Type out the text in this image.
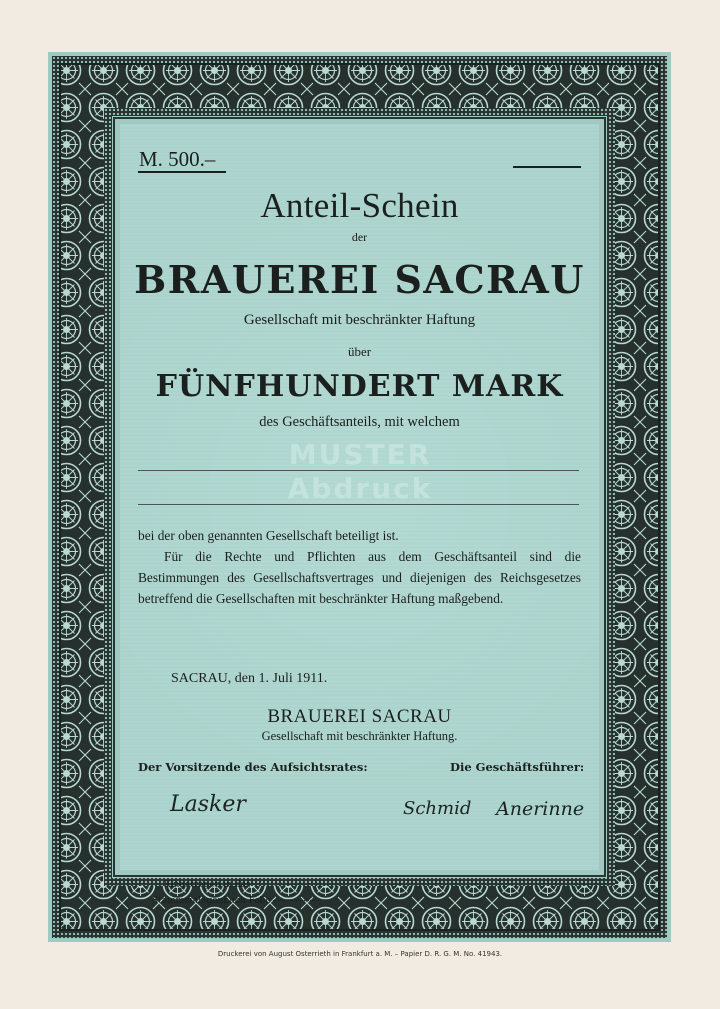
M. 500.–
Anteil-Schein
der
BRAUEREI SACRAU
Gesellschaft mit beschränkter Haftung
über
FÜNFHUNDERT MARK
des Geschäftsanteils, mit welchem
MUSTER
Abdruck
bei der oben genannten Gesellschaft beteiligt ist.
Für die Rechte und Pflichten aus dem Geschäftsanteil sind die Bestimmungen des Gesellschaftsvertrages und diejenigen des Reichsgesetzes betreffend die Gesellschaften mit beschränkter Haftung maßgebend.
SACRAU, den 1. Juli 1911.
BRAUEREI SACRAU
Gesellschaft mit beschränkter Haftung.
Der Vorsitzende des Aufsichtsrates:	Die Geschäftsführer:
Lasker	Schmid Anerinne
Eingetragen in das
Stammeinlagenbuch Folio
Druckerei von August Osterrieth in Frankfurt a. M. – Papier D. R. G. M. No. 41943.
